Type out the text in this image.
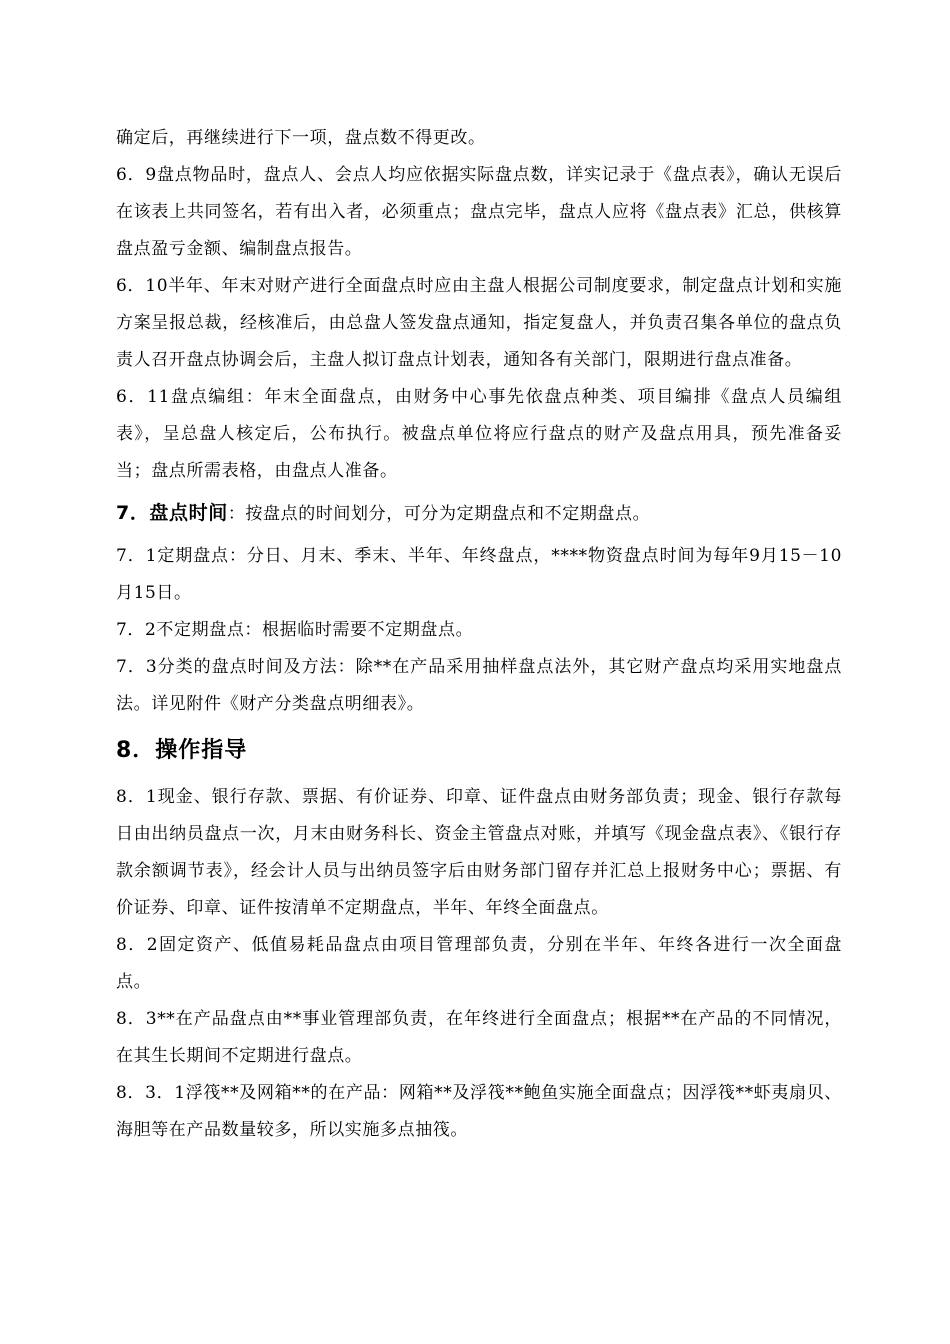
确定后，再继续进行下一项，盘点数不得更改。

6．9盘点物品时，盘点人、会点人均应依据实际盘点数，详实记录于《盘点表》，确认无误后在该表上共同签名，若有出入者，必须重点；盘点完毕，盘点人应将《盘点表》汇总，供核算盘点盈亏金额、编制盘点报告。

6．10半年、年末对财产进行全面盘点时应由主盘人根据公司制度要求，制定盘点计划和实施方案呈报总裁，经核准后，由总盘人签发盘点通知，指定复盘人，并负责召集各单位的盘点负责人召开盘点协调会后，主盘人拟订盘点计划表，通知各有关部门，限期进行盘点准备。

6．11盘点编组：年末全面盘点，由财务中心事先依盘点种类、项目编排《盘点人员编组表》，呈总盘人核定后，公布执行。被盘点单位将应行盘点的财产及盘点用具，预先准备妥当；盘点所需表格，由盘点人准备。

7．盘点时间：按盘点的时间划分，可分为定期盘点和不定期盘点。

7．1定期盘点：分日、月末、季末、半年、年终盘点，****物资盘点时间为每年9月15－10月15日。

7．2不定期盘点：根据临时需要不定期盘点。

7．3分类的盘点时间及方法：除**在产品采用抽样盘点法外，其它财产盘点均采用实地盘点法。详见附件《财产分类盘点明细表》。

8．操作指导

8．1现金、银行存款、票据、有价证券、印章、证件盘点由财务部负责；现金、银行存款每日由出纳员盘点一次，月末由财务科长、资金主管盘点对账，并填写《现金盘点表》、《银行存款余额调节表》，经会计人员与出纳员签字后由财务部门留存并汇总上报财务中心；票据、有价证券、印章、证件按清单不定期盘点，半年、年终全面盘点。

8．2固定资产、低值易耗品盘点由项目管理部负责，分别在半年、年终各进行一次全面盘点。

8．3**在产品盘点由**事业管理部负责，在年终进行全面盘点；根据**在产品的不同情况，在其生长期间不定期进行盘点。

8．3．1浮筏**及网箱**的在产品：网箱**及浮筏**鲍鱼实施全面盘点；因浮筏**虾夷扇贝、海胆等在产品数量较多，所以实施多点抽筏。
